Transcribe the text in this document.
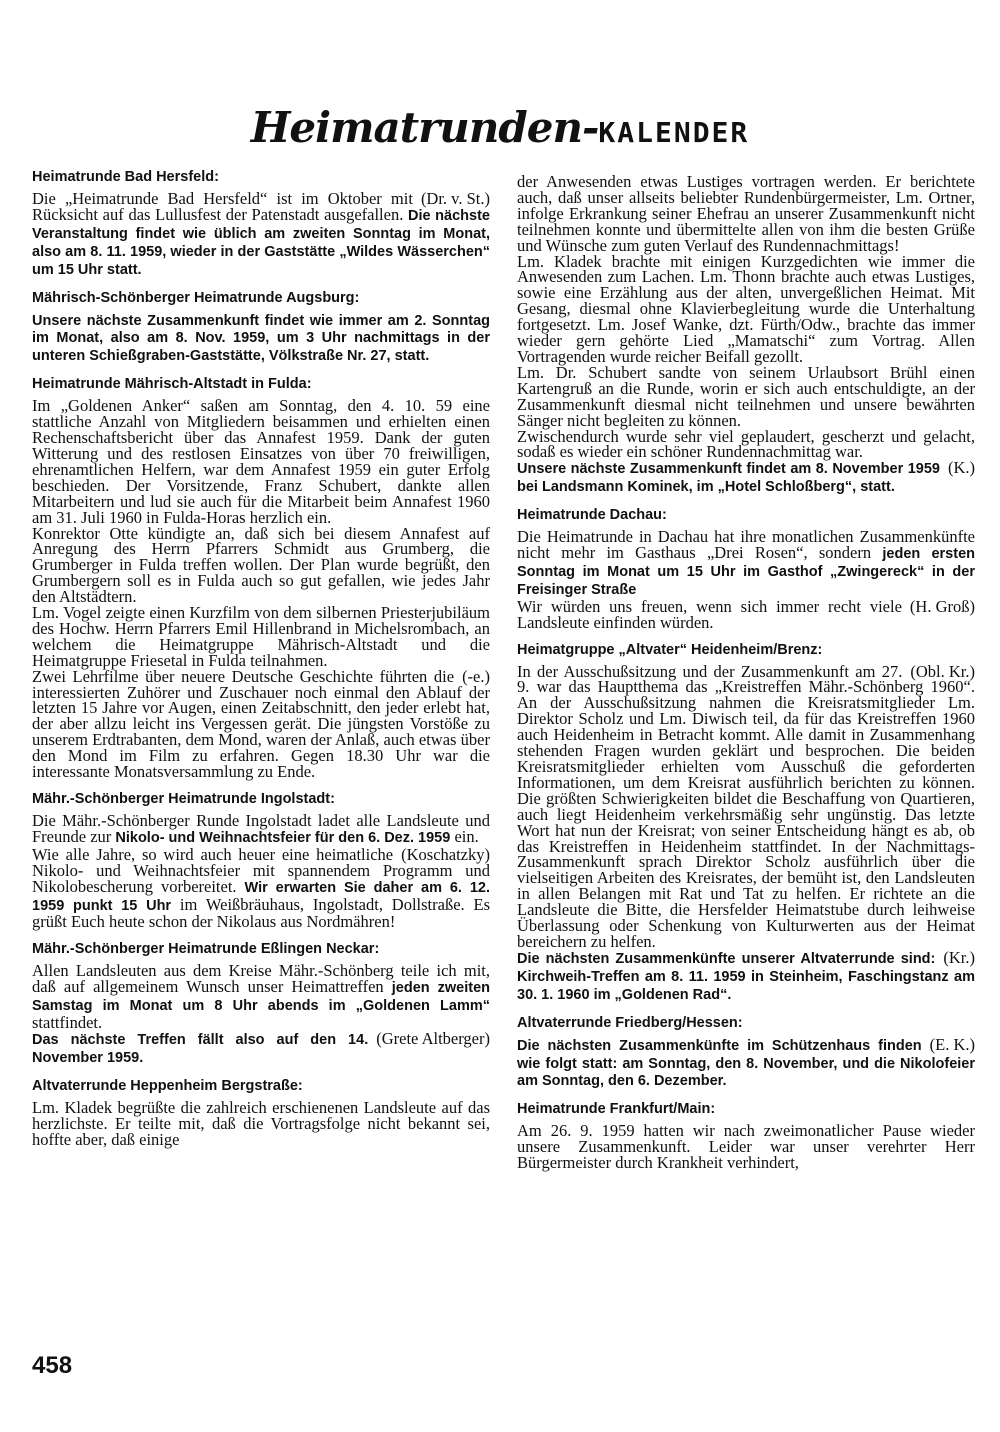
Heimatrunden-KALENDER
Heimatrunde Bad Hersfeld:

(Dr. v. St.)
Die „Heimatrunde Bad Hersfeld“ ist im Oktober mit Rücksicht auf das Lullusfest der Patenstadt ausgefallen. Die nächste Veranstaltung findet wie üblich am zweiten Sonntag im Monat, also am 8. 11. 1959, wieder in der Gaststätte „Wildes Wässerchen“ um 15 Uhr statt.

Mährisch-Schönberger Heimatrunde Augsburg:

Unsere nächste Zusammenkunft findet wie immer am 2. Sonntag im Monat, also am 8. Nov. 1959, um 3 Uhr nachmittags in der unteren Schießgraben-Gaststätte, Völkstraße Nr. 27, statt.

Heimatrunde Mährisch-Altstadt in Fulda:

Im „Goldenen Anker“ saßen am Sonntag, den 4. 10. 59 eine stattliche Anzahl von Mitgliedern beisammen und erhielten einen Rechenschaftsbericht über das Annafest 1959. Dank der guten Witterung und des restlosen Einsatzes von über 70 freiwilligen, ehrenamtlichen Helfern, war dem Annafest 1959 ein guter Erfolg beschieden. Der Vorsitzende, Franz Schubert, dankte allen Mitarbeitern und lud sie auch für die Mitarbeit beim Annafest 1960 am 31. Juli 1960 in Fulda-Horas herzlich ein.

Konrektor Otte kündigte an, daß sich bei diesem Annafest auf Anregung des Herrn Pfarrers Schmidt aus Grumberg, die Grumberger in Fulda treffen wollen. Der Plan wurde begrüßt, den Grumbergern soll es in Fulda auch so gut gefallen, wie jedes Jahr den Altstädtern.

Lm. Vogel zeigte einen Kurzfilm von dem silbernen Priesterjubiläum des Hochw. Herrn Pfarrers Emil Hillenbrand in Michelsrombach, an welchem die Heimatgruppe Mährisch-Altstadt und die Heimatgruppe Friesetal in Fulda teilnahmen.

(-e.)
Zwei Lehrfilme über neuere Deutsche Geschichte führten die interessierten Zuhörer und Zuschauer noch einmal den Ablauf der letzten 15 Jahre vor Augen, einen Zeitabschnitt, den jeder erlebt hat, der aber allzu leicht ins Vergessen gerät. Die jüngsten Vorstöße zu unserem Erdtrabanten, dem Mond, waren der Anlaß, auch etwas über den Mond im Film zu erfahren. Gegen 18.30 Uhr war die interessante Monatsversammlung zu Ende.

Mähr.-Schönberger Heimatrunde Ingolstadt:

Die Mähr.-Schönberger Runde Ingolstadt ladet alle Landsleute und Freunde zur Nikolo- und Weihnachtsfeier für den 6. Dez. 1959 ein.

(Koschatzky)
Wie alle Jahre, so wird auch heuer eine heimatliche Nikolo- und Weihnachtsfeier mit spannendem Programm und Nikolobescherung vorbereitet. Wir erwarten Sie daher am 6. 12. 1959 punkt 15 Uhr im Weißbräuhaus, Ingolstadt, Dollstraße. Es grüßt Euch heute schon der Nikolaus aus Nordmähren!

Mähr.-Schönberger Heimatrunde Eßlingen Neckar:

Allen Landsleuten aus dem Kreise Mähr.-Schönberg teile ich mit, daß auf allgemeinem Wunsch unser Heimattreffen jeden zweiten Samstag im Monat um 8 Uhr abends im „Goldenen Lamm“ stattfindet.

(Grete Altberger)
Das nächste Treffen fällt also auf den 14. November 1959.

Altvaterrunde Heppenheim Bergstraße:

Lm. Kladek begrüßte die zahlreich erschienenen Landsleute auf das herzlichste. Er teilte mit, daß die Vortragsfolge nicht bekannt sei, hoffte aber, daß einige

der Anwesenden etwas Lustiges vortragen werden. Er berichtete auch, daß unser allseits beliebter Rundenbürgermeister, Lm. Ortner, infolge Erkrankung seiner Ehefrau an unserer Zusammenkunft nicht teilnehmen konnte und übermittelte allen von ihm die besten Grüße und Wünsche zum guten Verlauf des Rundennachmittags!

Lm. Kladek brachte mit einigen Kurzgedichten wie immer die Anwesenden zum Lachen. Lm. Thonn brachte auch etwas Lustiges, sowie eine Erzählung aus der alten, unvergeßlichen Heimat. Mit Gesang, diesmal ohne Klavierbegleitung wurde die Unterhaltung fortgesetzt. Lm. Josef Wanke, dzt. Fürth/Odw., brachte das immer wieder gern gehörte Lied „Mamatschi“ zum Vortrag. Allen Vortragenden wurde reicher Beifall gezollt.

Lm. Dr. Schubert sandte von seinem Urlaubsort Brühl einen Kartengruß an die Runde, worin er sich auch entschuldigte, an der Zusammenkunft diesmal nicht teilnehmen und unsere bewährten Sänger nicht begleiten zu können.

Zwischendurch wurde sehr viel geplaudert, gescherzt und gelacht, sodaß es wieder ein schöner Rundennachmittag war.

(K.)
Unsere nächste Zusammenkunft findet am 8. November 1959 bei Landsmann Kominek, im „Hotel Schloßberg“, statt.

Heimatrunde Dachau:

Die Heimatrunde in Dachau hat ihre monatlichen Zusammenkünfte nicht mehr im Gasthaus „Drei Rosen“, sondern jeden ersten Sonntag im Monat um 15 Uhr im Gasthof „Zwingereck“ in der Freisinger Straße

(H. Groß)
Wir würden uns freuen, wenn sich immer recht viele Landsleute einfinden würden.

Heimatgruppe „Altvater“ Heidenheim/Brenz:

(Obl. Kr.)
In der Ausschußsitzung und der Zusammenkunft am 27. 9. war das Hauptthema das „Kreistreffen Mähr.-Schönberg 1960“. An der Ausschußsitzung nahmen die Kreisratsmitglieder Lm. Direktor Scholz und Lm. Diwisch teil, da für das Kreistreffen 1960 auch Heidenheim in Betracht kommt. Alle damit in Zusammenhang stehenden Fragen wurden geklärt und besprochen. Die beiden Kreisratsmitglieder erhielten vom Ausschuß die geforderten Informationen, um dem Kreisrat ausführlich berichten zu können. Die größten Schwierigkeiten bildet die Beschaffung von Quartieren, auch liegt Heidenheim verkehrsmäßig sehr ungünstig. Das letzte Wort hat nun der Kreisrat; von seiner Entscheidung hängt es ab, ob das Kreistreffen in Heidenheim stattfindet. In der Nachmittags-Zusammenkunft sprach Direktor Scholz ausführlich über die vielseitigen Arbeiten des Kreisrates, der bemüht ist, den Landsleuten in allen Belangen mit Rat und Tat zu helfen. Er richtete an die Landsleute die Bitte, die Hersfelder Heimatstube durch leihweise Überlassung oder Schenkung von Kulturwerten aus der Heimat bereichern zu helfen.

(Kr.)
Die nächsten Zusammenkünfte unserer Altvaterrunde sind: Kirchweih-Treffen am 8. 11. 1959 in Steinheim, Faschingstanz am 30. 1. 1960 im „Goldenen Rad“.

Altvaterrunde Friedberg/Hessen:

(E. K.)
Die nächsten Zusammenkünfte im Schützenhaus finden wie folgt statt: am Sonntag, den 8. November, und die Nikolofeier am Sonntag, den 6. Dezember.

Heimatrunde Frankfurt/Main:

Am 26. 9. 1959 hatten wir nach zweimonatlicher Pause wieder unsere Zusammenkunft. Leider war unser verehrter Herr Bürgermeister durch Krankheit verhindert,

458
